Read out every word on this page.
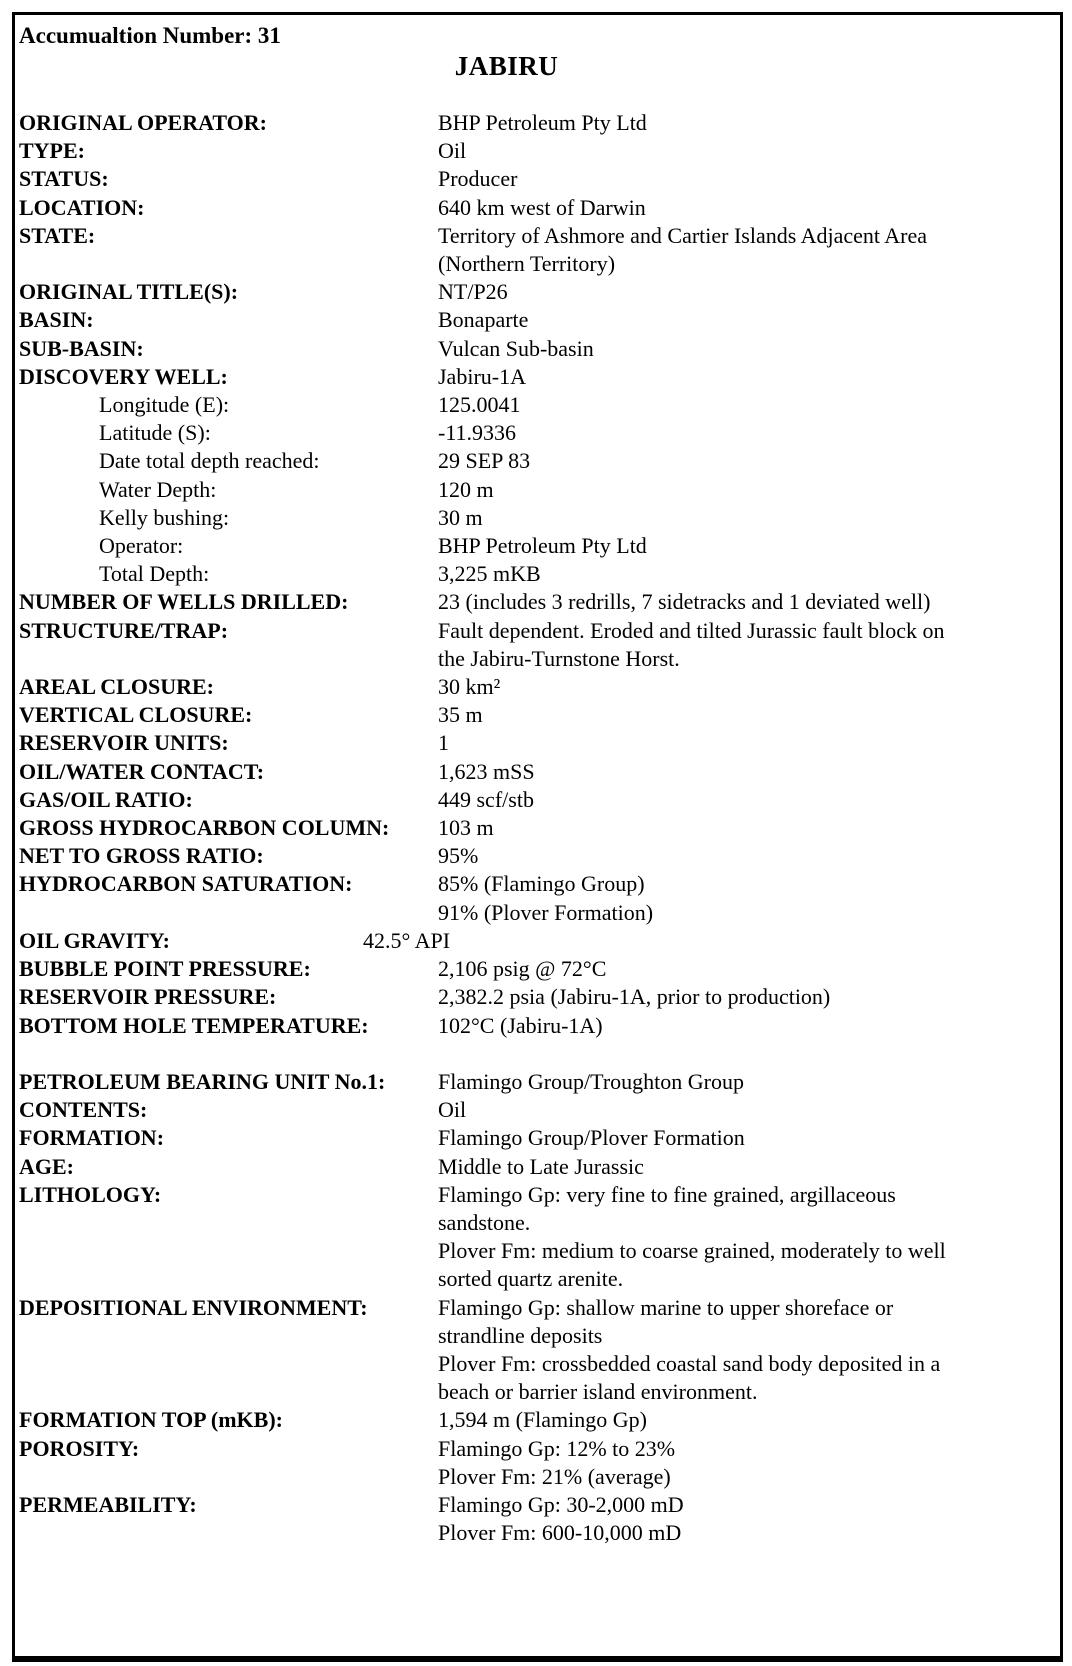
Accumualtion Number: 31
JABIRU
ORIGINAL OPERATOR:	BHP Petroleum Pty Ltd
TYPE:	Oil
STATUS:	Producer
LOCATION:	640 km west of Darwin
STATE:	Territory of Ashmore and Cartier Islands Adjacent Area
(Northern Territory)
ORIGINAL TITLE(S):	NT/P26
BASIN:	Bonaparte
SUB-BASIN:	Vulcan Sub-basin
DISCOVERY WELL:	Jabiru-1A
Longitude (E):	125.0041
Latitude (S):	-11.9336
Date total depth reached:	29 SEP 83
Water Depth:	120 m
Kelly bushing:	30 m
Operator:	BHP Petroleum Pty Ltd
Total Depth:	3,225 mKB
NUMBER OF WELLS DRILLED:	23 (includes 3 redrills, 7 sidetracks and 1 deviated well)
STRUCTURE/TRAP:	Fault dependent. Eroded and tilted Jurassic fault block on
the Jabiru-Turnstone Horst.
AREAL CLOSURE:	30 km²
VERTICAL CLOSURE:	35 m
RESERVOIR UNITS:	1
OIL/WATER CONTACT:	1,623 mSS
GAS/OIL RATIO:	449 scf/stb
GROSS HYDROCARBON COLUMN:	103 m
NET TO GROSS RATIO:	95%
HYDROCARBON SATURATION:	85% (Flamingo Group)
91% (Plover Formation)
OIL GRAVITY:	42.5° API
BUBBLE POINT PRESSURE:	2,106 psig @ 72°C
RESERVOIR PRESSURE:	2,382.2 psia (Jabiru-1A, prior to production)
BOTTOM HOLE TEMPERATURE:	102°C (Jabiru-1A)
PETROLEUM BEARING UNIT No.1:	Flamingo Group/Troughton Group
CONTENTS:	Oil
FORMATION:	Flamingo Group/Plover Formation
AGE:	Middle to Late Jurassic
LITHOLOGY:	Flamingo Gp: very fine to fine grained, argillaceous
sandstone.
Plover Fm: medium to coarse grained, moderately to well
sorted quartz arenite.
DEPOSITIONAL ENVIRONMENT:	Flamingo Gp: shallow marine to upper shoreface or
strandline deposits
Plover Fm: crossbedded coastal sand body deposited in a
beach or barrier island environment.
FORMATION TOP (mKB):	1,594 m (Flamingo Gp)
POROSITY:	Flamingo Gp: 12% to 23%
Plover Fm: 21% (average)
PERMEABILITY:	Flamingo Gp: 30-2,000 mD
Plover Fm: 600-10,000 mD
